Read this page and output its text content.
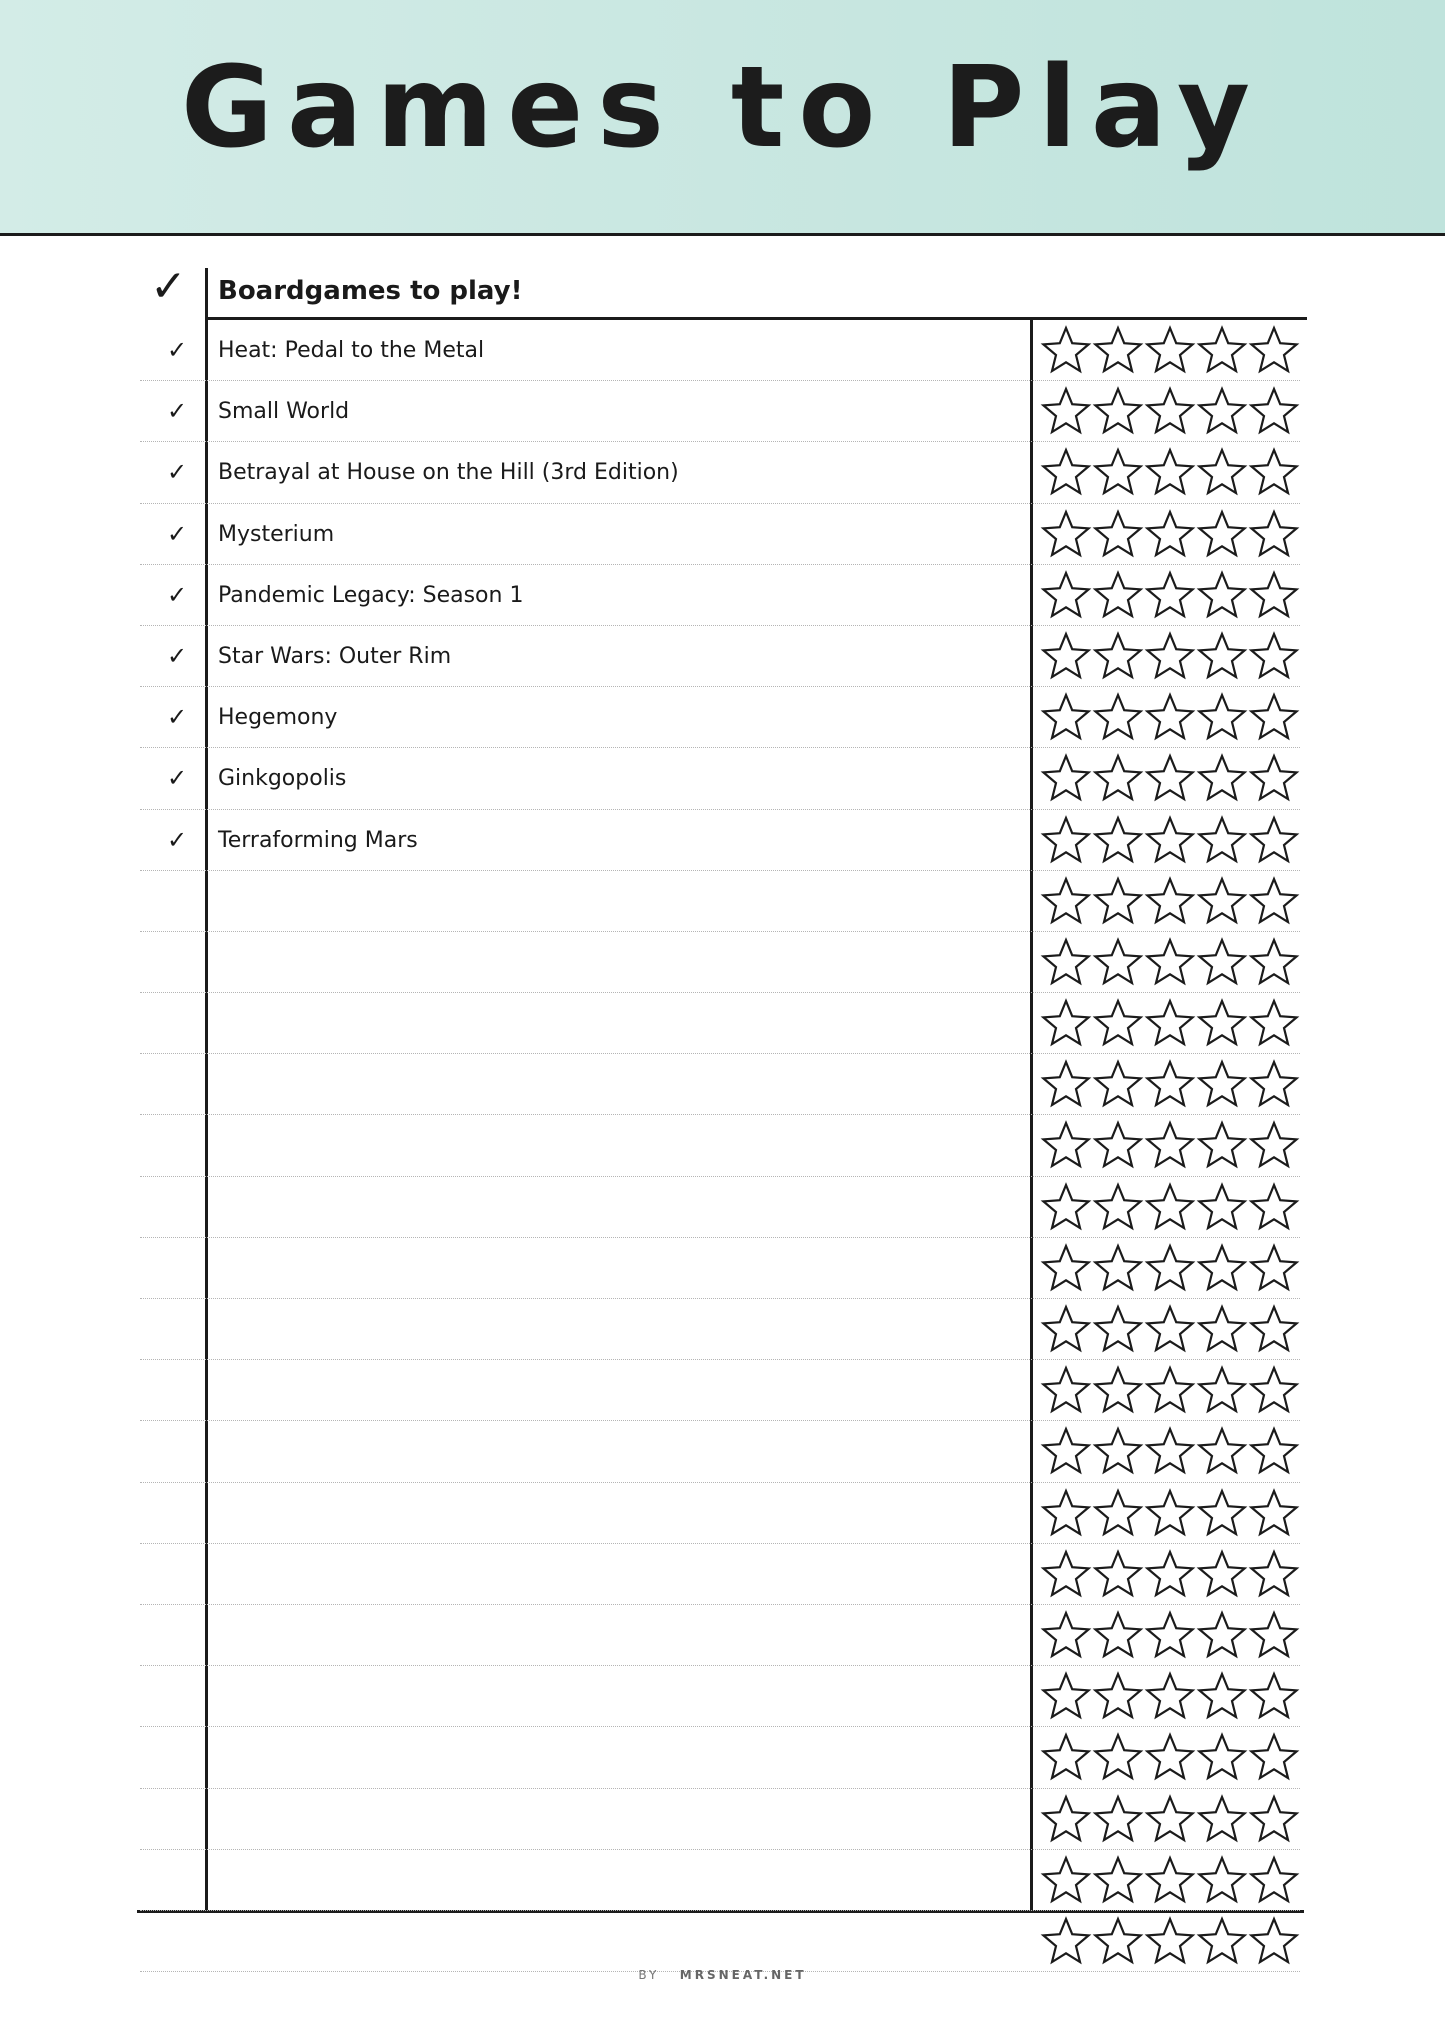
Games to Play
✓ Boardgames to play!
✓ Heat: Pedal to the Metal
✓ Small World
✓ Betrayal at House on the Hill (3rd Edition)
✓ Mysterium
✓ Pandemic Legacy: Season 1
✓ Star Wars: Outer Rim
✓ Hegemony
✓ Ginkgopolis
✓ Terraforming Mars
BY MRSNEAT.NET
